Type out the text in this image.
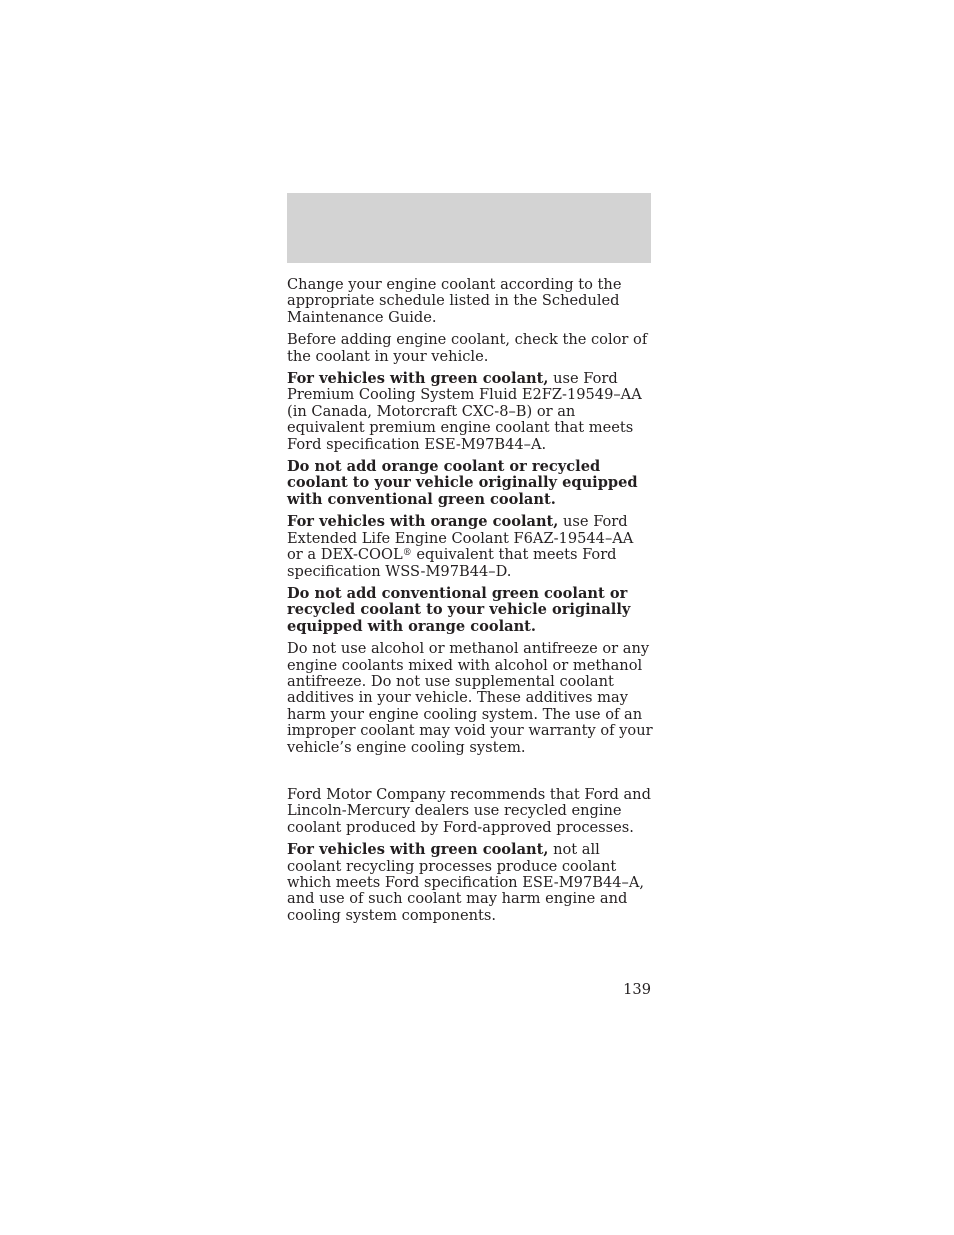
Change your engine coolant according to the appropriate schedule listed in the Scheduled Maintenance Guide.

Before adding engine coolant, check the color of the coolant in your vehicle.

For vehicles with green coolant, use Ford Premium Cooling System Fluid E2FZ-19549–AA (in Canada, Motorcraft CXC-8–B) or an equivalent premium engine coolant that meets Ford specification ESE-M97B44–A.

Do not add orange coolant or recycled coolant to your vehicle originally equipped with conventional green coolant.

For vehicles with orange coolant, use Ford Extended Life Engine Coolant F6AZ-19544–AA or a DEX-COOL® equivalent that meets Ford specification WSS-M97B44–D.

Do not add conventional green coolant or recycled coolant to your vehicle originally equipped with orange coolant.

Do not use alcohol or methanol antifreeze or any engine coolants mixed with alcohol or methanol antifreeze. Do not use supplemental coolant additives in your vehicle. These additives may harm your engine cooling system. The use of an improper coolant may void your warranty of your vehicle’s engine cooling system.

Ford Motor Company recommends that Ford and Lincoln-Mercury dealers use recycled engine coolant produced by Ford-approved processes.

For vehicles with green coolant, not all coolant recycling processes produce coolant which meets Ford specification ESE-M97B44–A, and use of such coolant may harm engine and cooling system components.

139
